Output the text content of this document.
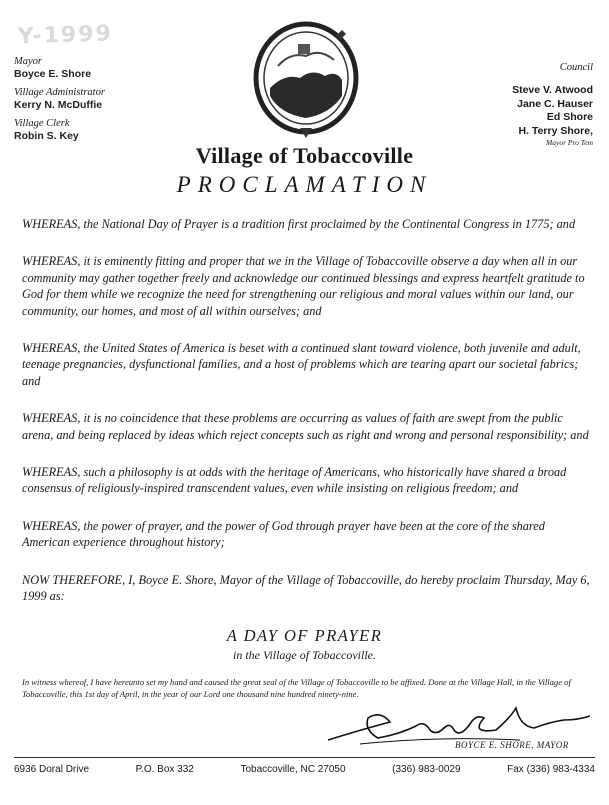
Y-1999
Mayor
Boyce E. Shore
Village Administrator
Kerry N. McDuffie
Village Clerk
Robin S. Key
Council
Steve V. Atwood
Jane C. Hauser
Ed Shore
H. Terry Shore,
Mayor Pro Tem
Village of Tobaccoville
PROCLAMATION

WHEREAS, the National Day of Prayer is a tradition first proclaimed by the Continental Congress in 1775; and

WHEREAS, it is eminently fitting and proper that we in the Village of Tobaccoville observe a day when all in our community may gather together freely and acknowledge our continued blessings and express heartfelt gratitude to God for them while we recognize the need for strengthening our religious and moral values within our land, our community, our homes, and most of all within ourselves; and

WHEREAS, the United States of America is beset with a continued slant toward violence, both juvenile and adult, teenage pregnancies, dysfunctional families, and a host of problems which are tearing apart our societal fabrics; and

WHEREAS, it is no coincidence that these problems are occurring as values of faith are swept from the public arena, and being replaced by ideas which reject concepts such as right and wrong and personal responsibility; and

WHEREAS, such a philosophy is at odds with the heritage of Americans, who historically have shared a broad consensus of religiously-inspired transcendent values, even while insisting on religious freedom; and

WHEREAS, the power of prayer, and the power of God through prayer have been at the core of the shared American experience throughout history;

NOW THEREFORE, I, Boyce E. Shore, Mayor of the Village of Tobaccoville, do hereby proclaim Thursday, May 6, 1999 as:

A DAY OF PRAYER
in the Village of Tobaccoville.
In witness whereof, I have hereunto set my hand and caused the great seal of the Village of Tobaccoville to be affixed. Done at the Village Hall, in the Village of Tobaccoville, this 1st day of April, in the year of our Lord one thousand nine hundred ninety-nine.
BOYCE E. SHORE, MAYOR
6936 Doral Drive	P.O. Box 332	Tobaccoville, NC 27050	(336) 983-0029	Fax (336) 983-4334
